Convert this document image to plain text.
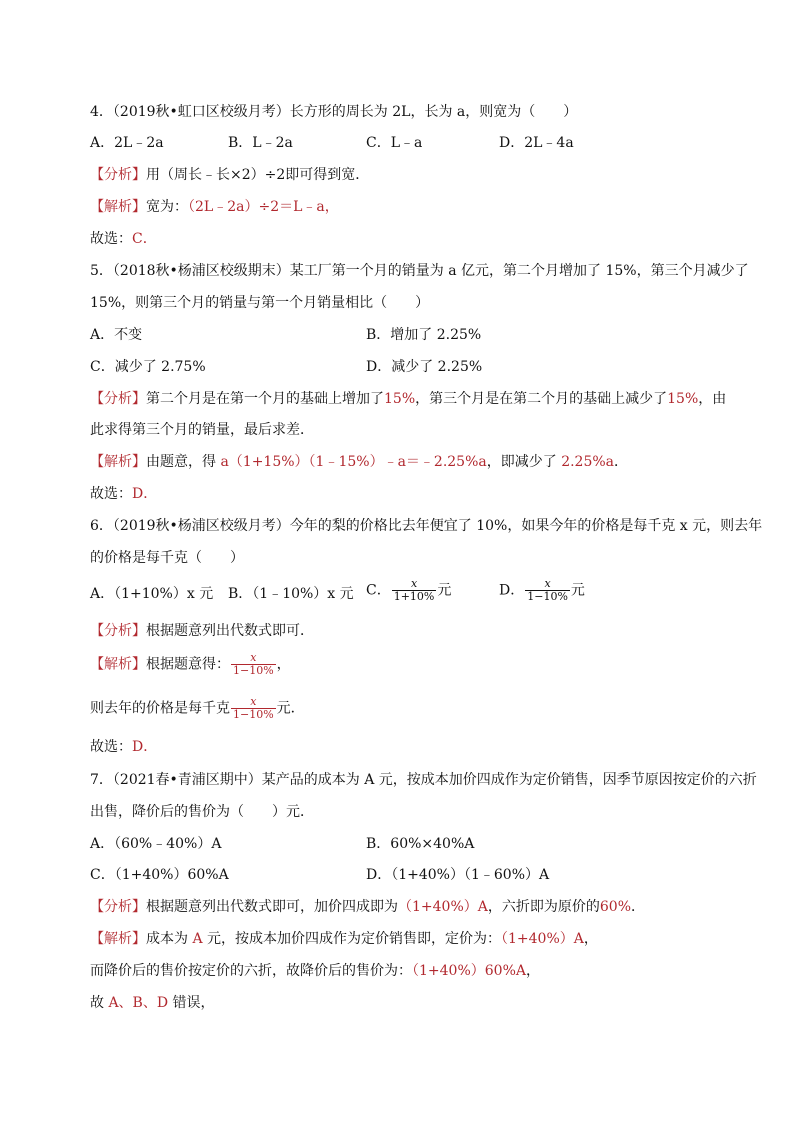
4．（2019秋•虹口区校级月考）长方形的周长为 2L，长为 a，则宽为（　　）
A．2L﹣2a	B．L﹣2a	C．L﹣a	D．2L﹣4a
【分析】用（周长﹣长×2）÷2即可得到宽．
【解析】宽为：（2L﹣2a）÷2＝L﹣a，
故选：C．
5．（2018秋•杨浦区校级期末）某工厂第一个月的销量为 a 亿元，第二个月增加了 15%，第三个月减少了
15%，则第三个月的销量与第一个月销量相比（　　）
A．不变	B．增加了 2.25%
C．减少了 2.75%	D．减少了 2.25%
【分析】第二个月是在第一个月的基础上增加了15%，第三个月是在第二个月的基础上减少了15%，由
此求得第三个月的销量，最后求差．
【解析】由题意，得 a（1+15%）（1﹣15%）﹣a＝﹣2.25%a，即减少了 2.25%a．
故选：D．
6．（2019秋•杨浦区校级月考）今年的梨的价格比去年便宜了 10%，如果今年的价格是每千克 x 元，则去年
的价格是每千克（　　）
A．（1+10%）x 元 B．（1﹣10%）x 元 C． $\frac{x}{1+10\%}$ 元	D． $\frac{x}{1-10\%}$ 元
【分析】根据题意列出代数式即可．
【解析】根据题意得： $\frac{x}{1-10\%}$ ，
则去年的价格是每千克 $\frac{x}{1-10\%}$ 元．
故选：D．
7．（2021春•青浦区期中）某产品的成本为 A 元，按成本加价四成作为定价销售，因季节原因按定价的六折
出售，降价后的售价为（　　）元．
A．（60%﹣40%）A	B．60%×40%A
C．（1+40%）60%A	D．（1+40%）（1﹣60%）A
【分析】根据题意列出代数式即可，加价四成即为（1+40%）A，六折即为原价的60%．
【解析】成本为 A 元，按成本加价四成作为定价销售即，定价为：（1+40%）A，
而降价后的售价按定价的六折，故降价后的售价为：（1+40%）60%A，
故 A、B、D 错误，
